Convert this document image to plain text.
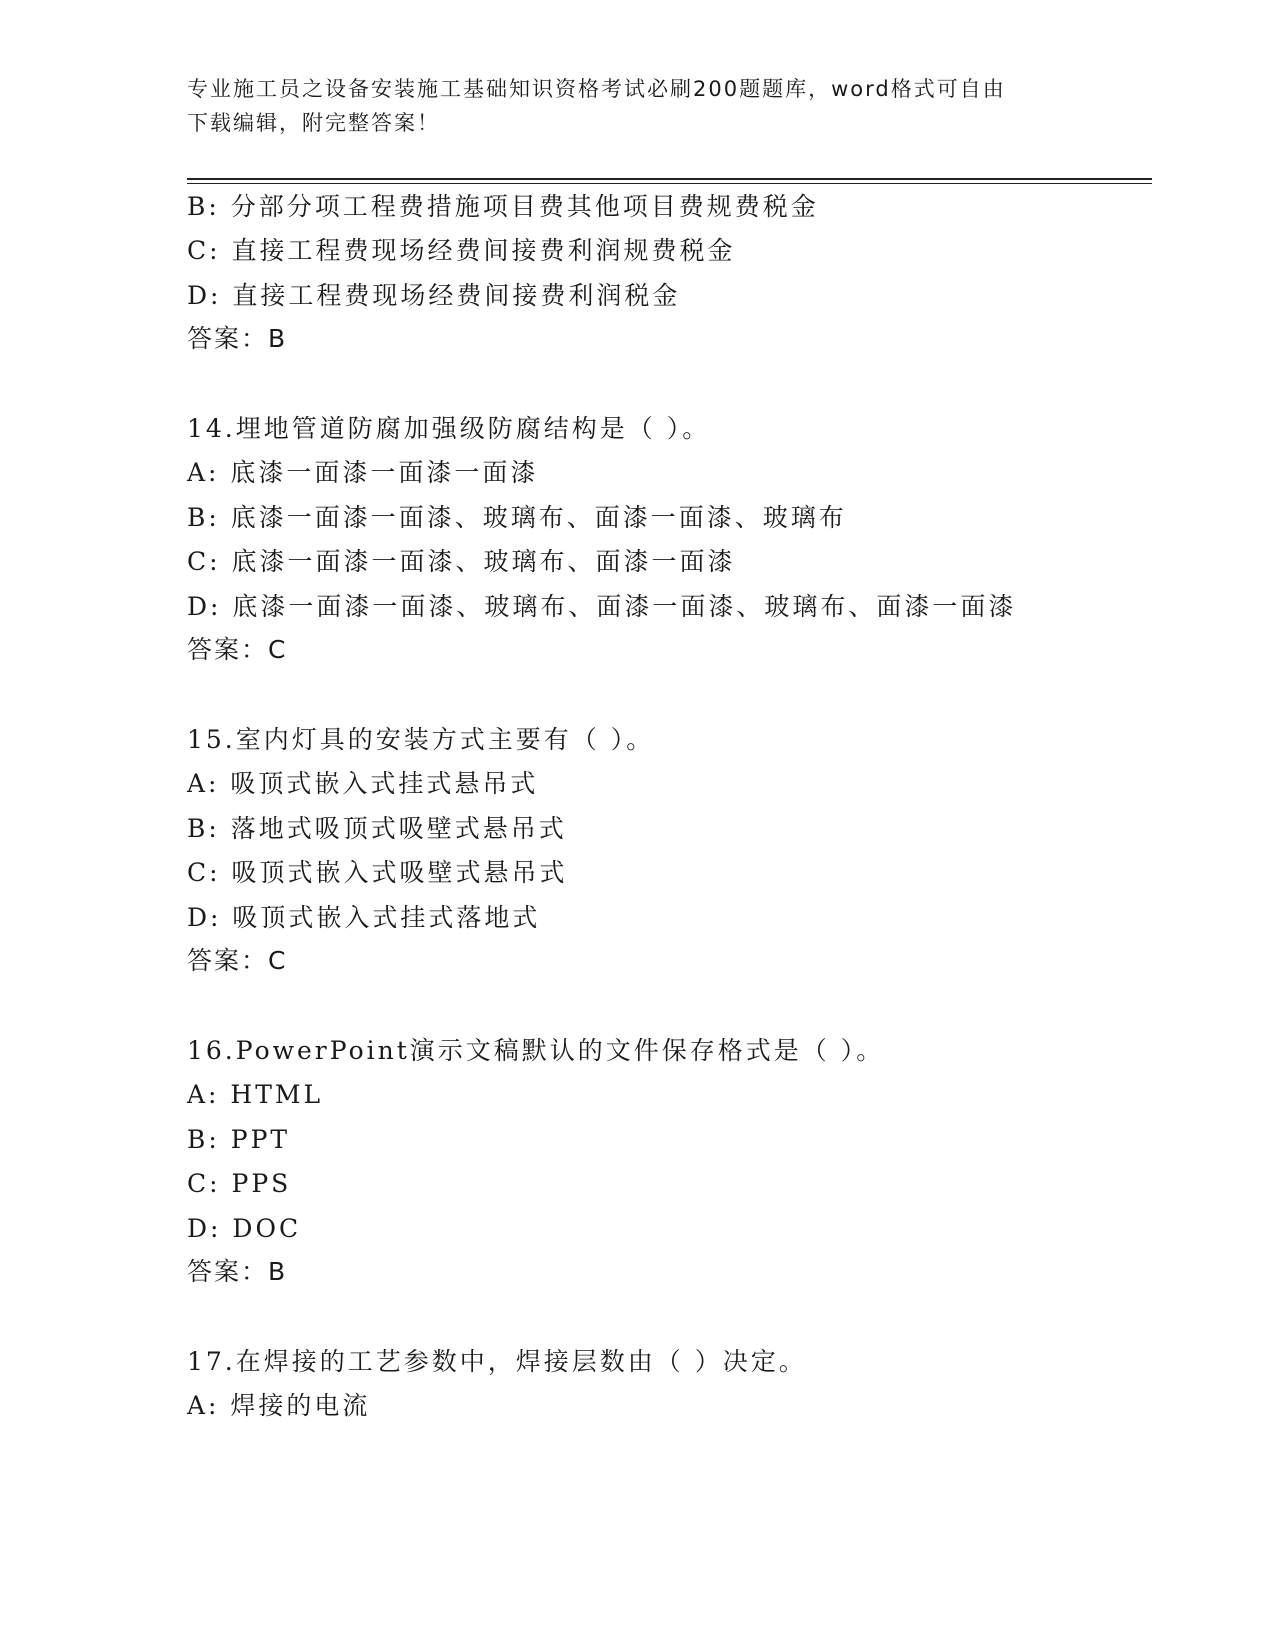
专业施工员之设备安装施工基础知识资格考试必刷200题题库，word格式可自由
下载编辑，附完整答案！
B: 分部分项工程费措施项目费其他项目费规费税金
C: 直接工程费现场经费间接费利润规费税金
D: 直接工程费现场经费间接费利润税金
答案：B
14.埋地管道防腐加强级防腐结构是（ ）。
A: 底漆一面漆一面漆一面漆
B: 底漆一面漆一面漆、玻璃布、面漆一面漆、玻璃布
C: 底漆一面漆一面漆、玻璃布、面漆一面漆
D: 底漆一面漆一面漆、玻璃布、面漆一面漆、玻璃布、面漆一面漆
答案：C
15.室内灯具的安装方式主要有（ ）。
A: 吸顶式嵌入式挂式悬吊式
B: 落地式吸顶式吸壁式悬吊式
C: 吸顶式嵌入式吸壁式悬吊式
D: 吸顶式嵌入式挂式落地式
答案：C
16.PowerPoint演示文稿默认的文件保存格式是（ ）。
A: HTML
B: PPT
C: PPS
D: DOC
答案：B
17.在焊接的工艺参数中，焊接层数由（ ）决定。
A: 焊接的电流
